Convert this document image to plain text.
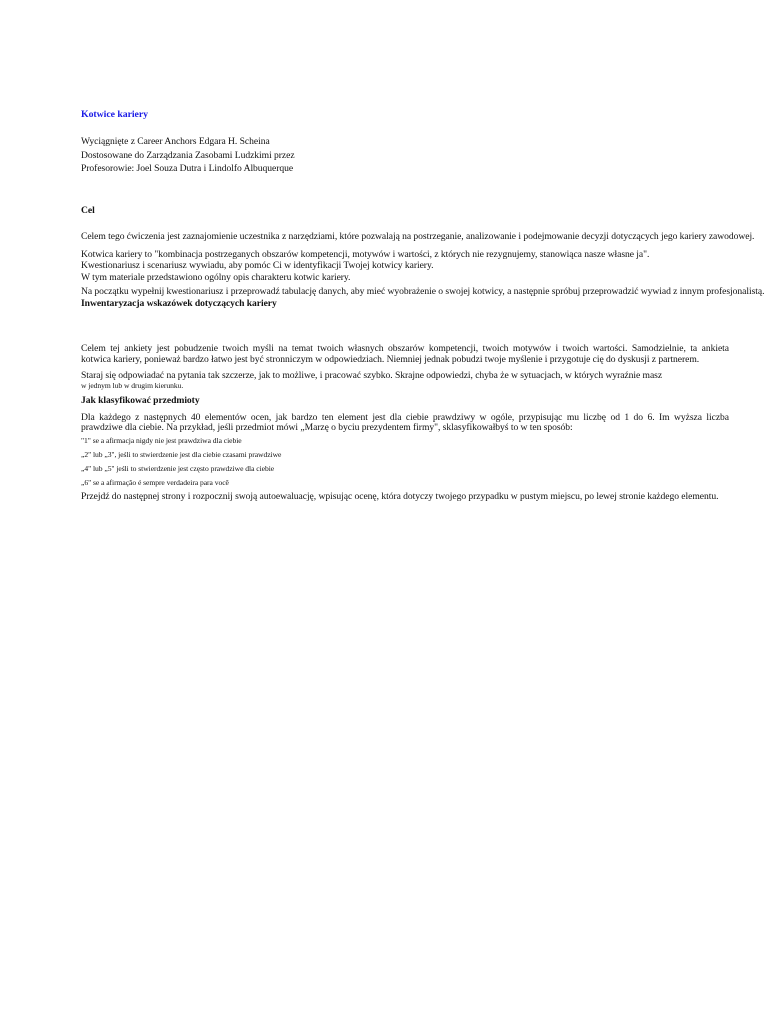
Kotwice kariery
Wyciągnięte z Career Anchors Edgara H. Scheina
Dostosowane do Zarządzania Zasobami Ludzkimi przez
Profesorowie: Joel Souza Dutra i Lindolfo Albuquerque
Cel
Celem tego ćwiczenia jest zaznajomienie uczestnika z narzędziami, które pozwalają na postrzeganie, analizowanie i podejmowanie decyzji dotyczących jego kariery zawodowej.
Kotwica kariery to "kombinacja postrzeganych obszarów kompetencji, motywów i wartości, z których nie rezygnujemy, stanowiąca nasze własne ja".
Kwestionariusz i scenariusz wywiadu, aby pomóc Ci w identyfikacji Twojej kotwicy kariery.
W tym materiale przedstawiono ogólny opis charakteru kotwic kariery.
Na początku wypełnij kwestionariusz i przeprowadź tabulację danych, aby mieć wyobrażenie o swojej kotwicy, a następnie spróbuj przeprowadzić wywiad z innym profesjonalistą.
Inwentaryzacja wskazówek dotyczących kariery
Celem tej ankiety jest pobudzenie twoich myśli na temat twoich własnych obszarów kompetencji, twoich motywów i twoich wartości. Samodzielnie, ta ankieta
kotwica kariery, ponieważ bardzo łatwo jest być stronniczym w odpowiedziach. Niemniej jednak pobudzi twoje myślenie i przygotuje cię do dyskusji z partnerem.
Staraj się odpowiadać na pytania tak szczerze, jak to możliwe, i pracować szybko. Skrajne odpowiedzi, chyba że w sytuacjach, w których wyraźnie masz
w jednym lub w drugim kierunku.
Jak klasyfikować przedmioty
Dla każdego z następnych 40 elementów ocen, jak bardzo ten element jest dla ciebie prawdziwy w ogóle, przypisując mu liczbę od 1 do 6. Im wyższa liczba
prawdziwe dla ciebie. Na przykład, jeśli przedmiot mówi „Marzę o byciu prezydentem firmy", sklasyfikowałbyś to w ten sposób:
"1" se a afirmacja nigdy nie jest prawdziwa dla ciebie
„2" lub „3", jeśli to stwierdzenie jest dla ciebie czasami prawdziwe
„4" lub „5" jeśli to stwierdzenie jest często prawdziwe dla ciebie
„6" se a afirmação é sempre verdadeira para você
Przejdź do następnej strony i rozpocznij swoją autoewaluację, wpisując ocenę, która dotyczy twojego przypadku w pustym miejscu, po lewej stronie każdego elementu.
